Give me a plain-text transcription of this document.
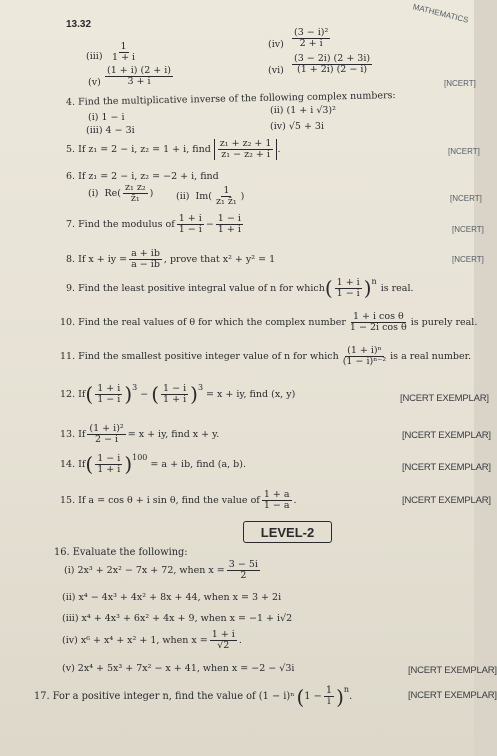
13.32	MATHEMATICS
[NCERT]
[NCERT]
[NCERT]
[NCERT]
[NCERT]
$(iii) \frac{1}{1 + i}$	$(iv) \frac{\text{(3 − i)²}}{2 + i}$
$(v) \frac{(1 + i) (2 + i)}{3 + i}$	$(vi) \frac{(3 - 2i) (2 + 3i)}{(1 + 2i) (2 - i)}$
4. Find the multiplicative inverse of the following complex numbers:
(i) 1 − i
(ii) (1 + i √3)²
(iii) 4 − 3i	(iv) √5 + 3i
5. If z₁ = 2 − i, z₂ = 1 + i, find $\frac{\text{z₁ + z₂ + 1}}{\text{z₁ − z₂ + i}}$ .
6. If z₁ = 2 − i, z₂ = −2 + i, find
(i)  Re ( $\frac{\text{z₁ z₂}}{\text{z̄₁}}$ ) (ii)  Im ( $\frac{1}{\text{z₁ z̄₁}}$ )
7. Find the modulus of $\frac{1 + i}{1 - i} - \frac{1 - i}{1 + i}$
8. If x + iy = $\frac{a + ib}{a - ib}$ , prove that x² + y² = 1
9. Find the least positive integral value of n for which ( $\frac{1 + i}{1 - i} )^n$
is real.
10. Find the real values of θ for which the complex number $\frac{\text{1 + i cos θ}}{\text{1 − 2i cos θ}}$ is purely real.
11. Find the smallest positive integer value of n for which $\frac{\text{(1 + i)ⁿ}}{\text{(1 − i)ⁿ⁻²}}$ is a real number.
12. If ( $\frac{1 + i}{1 - i} )^3$
− ( $\frac{1 - i}{1 + i} )^3$
= x + iy, find (x, y)	[NCERT EXEMPLAR]
13. If $\frac{\text{(1 + i)²}}{2 - i} = x$ + iy, find x + y.	[NCERT EXEMPLAR]
14. If ( $\frac{1 - i}{1 + i} )^{100}$
= a + ib, find (a, b).	[NCERT EXEMPLAR]
15. If a = cos θ + i sin θ, find the value of $\frac{1 + a}{1 - a}$ .	[NCERT EXEMPLAR]
LEVEL-2
16. Evaluate the following:
(i) 2x³ + 2x² − 7x + 72, when $x = \frac{3 - 5i}{2}$
(ii) x⁴ − 4x³ + 4x² + 8x + 44, when x = 3 + 2i
(iii) x⁴ + 4x³ + 6x² + 4x + 9, when x = −1 + i√2
(iv) x⁶ + x⁴ + x² + 1, when $x = \frac{1 + i}{√2}$ .
(v) 2x⁴ + 5x³ + 7x² − x + 41, when x = −2 − √3i	[NCERT EXEMPLAR]
17. For a positive integer n, find the value of (1 − i)ⁿ ( $1 - \frac{1}{i} )^n$
.	[NCERT EXEMPLAR]
